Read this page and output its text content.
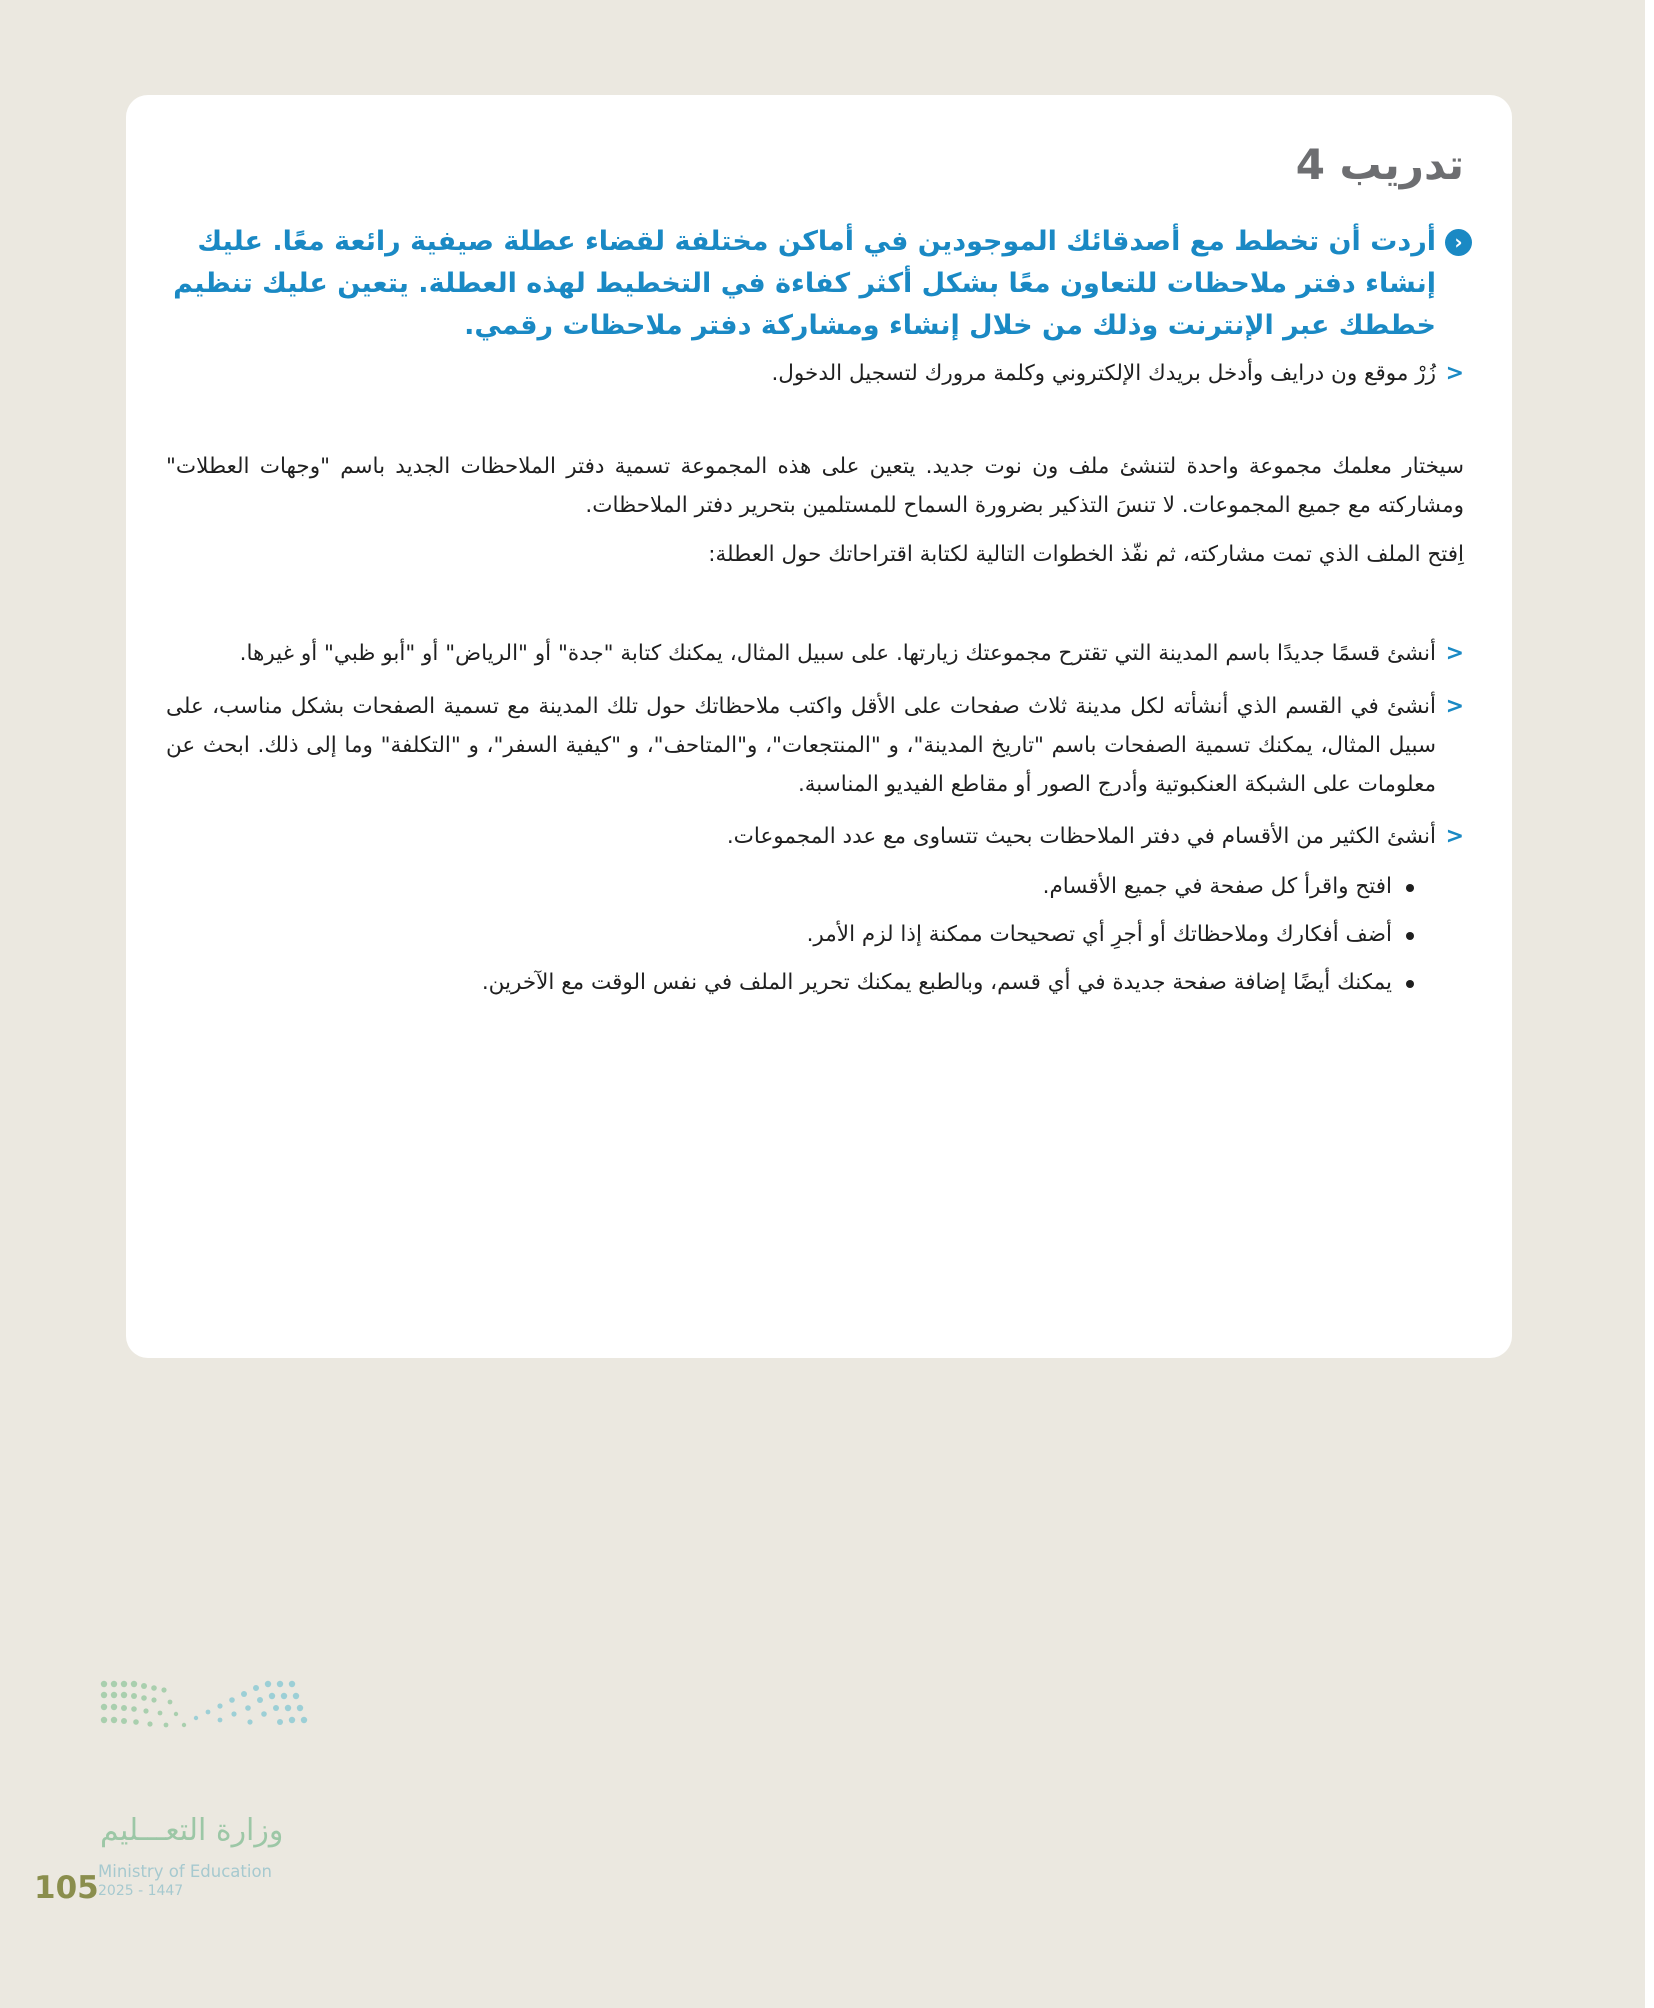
تدريب 4
‹
أردت أن تخطط مع أصدقائك الموجودين في أماكن مختلفة لقضاء عطلة صيفية رائعة معًا. عليك إنشاء دفتر ملاحظات للتعاون معًا بشكل أكثر كفاءة في التخطيط لهذه العطلة. يتعين عليك تنظيم خططك عبر الإنترنت وذلك من خلال إنشاء ومشاركة دفتر ملاحظات رقمي.
<
زُرْ موقع ون درايف وأدخل بريدك الإلكتروني وكلمة مرورك لتسجيل الدخول.
سيختار معلمك مجموعة واحدة لتنشئ ملف ون نوت جديد. يتعين على هذه المجموعة تسمية دفتر الملاحظات الجديد باسم "وجهات العطلات" ومشاركته مع جميع المجموعات. لا تنسَ التذكير بضرورة السماح للمستلمين بتحرير دفتر الملاحظات.
اِفتح الملف الذي تمت مشاركته، ثم نفّذ الخطوات التالية لكتابة اقتراحاتك حول العطلة:
<
أنشئ قسمًا جديدًا باسم المدينة التي تقترح مجموعتك زيارتها. على سبيل المثال، يمكنك كتابة "جدة" أو "الرياض" أو "أبو ظبي" أو غيرها.
<
أنشئ في القسم الذي أنشأته لكل مدينة ثلاث صفحات على الأقل واكتب ملاحظاتك حول تلك المدينة مع تسمية الصفحات بشكل مناسب، على سبيل المثال، يمكنك تسمية الصفحات باسم "تاريخ المدينة"، و "المنتجعات"، و"المتاحف"، و "كيفية السفر"، و "التكلفة" وما إلى ذلك. ابحث عن معلومات على الشبكة العنكبوتية وأدرج الصور أو مقاطع الفيديو المناسبة.
<
أنشئ الكثير من الأقسام في دفتر الملاحظات بحيث تتساوى مع عدد المجموعات.
افتح واقرأ كل صفحة في جميع الأقسام.
أضف أفكارك وملاحظاتك أو أجرِ أي تصحيحات ممكنة إذا لزم الأمر.
يمكنك أيضًا إضافة صفحة جديدة في أي قسم، وبالطبع يمكنك تحرير الملف في نفس الوقت مع الآخرين.
وزارة التعـــليم
Ministry of Education
2025 - 1447
105
